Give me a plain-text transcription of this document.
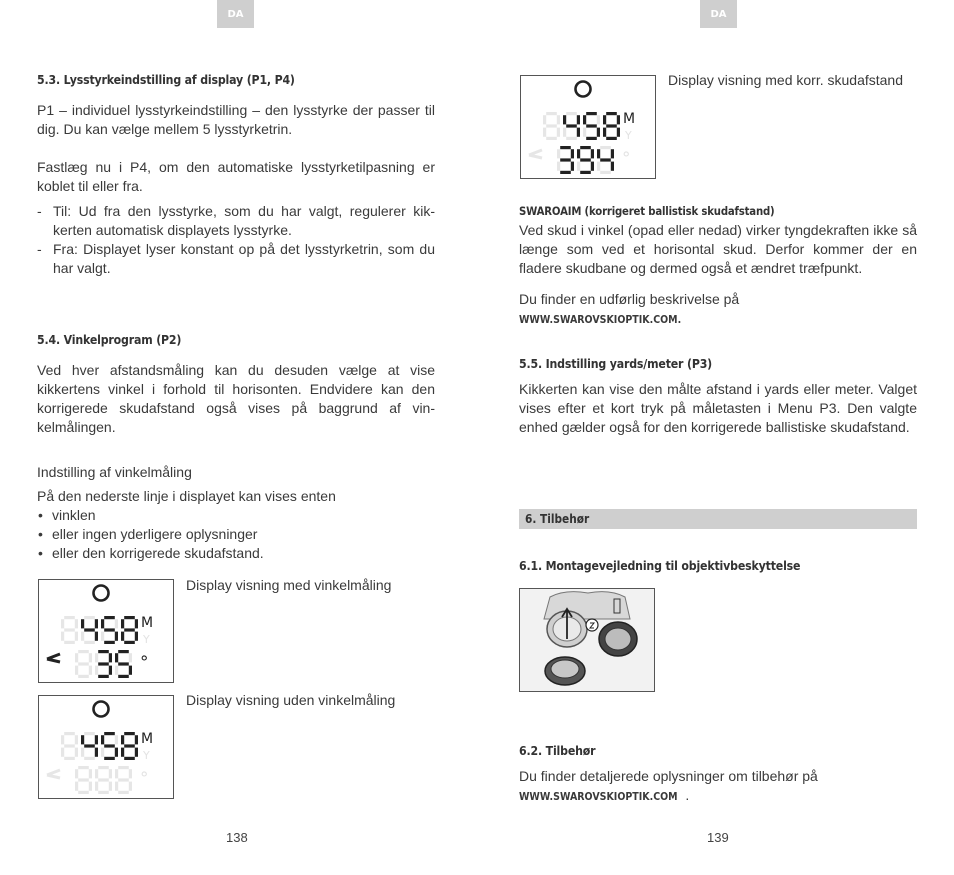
DA
5.3. Lysstyrkeindstilling af display (P1, P4)

P1 – individuel lysstyrkeindstilling – den lysstyrke der passer til dig. Du kan vælge mellem 5 lysstyrketrin.

Fastlæg nu i P4, om den automatiske lysstyrketilpasning er koblet til eller fra.

- Til: Ud fra den lysstyrke, som du har valgt, regulerer kik-kerten automatisk displayets lysstyrke.
- Fra: Displayet lyser konstant op på det lysstyrketrin, som du har valgt.
5.4. Vinkelprogram (P2)

Ved hver afstandsmåling kan du desuden vælge at vise kikkertens vinkel i forhold til horisonten. Endvidere kan den korrigerede skudafstand også vises på baggrund af vin-kelmålingen.

Indstilling af vinkelmåling

På den nederste linje i displayet kan vises enten

• vinklen
• eller ingen yderligere oplysninger
• eller den korrigerede skudafstand.
M
Y
°
Display visning med vinkelmåling
M
Y
°
Display visning uden vinkelmåling
138
DA
M
Y
°
Display visning med korr. skudafstand
SWAROAIM (korrigeret ballistisk skudafstand)

Ved skud i vinkel (opad eller nedad) virker tyngdekraften ikke så længe som ved et horisontal skud. Derfor kommer der en fladere skudbane og dermed også et ændret træfpunkt.

Du finder en udførlig beskrivelse på WWW.SWAROVSKIOPTIK.COM.

5.5. Indstilling yards/meter (P3)

Kikkerten kan vise den målte afstand i yards eller meter. Valget vises efter et kort tryk på måletasten i Menu P3. Den valgte enhed gælder også for den korrigerede ballistiske skudafstand.

6. Tilbehør
6.1. Montagevejledning til objektivbeskyttelse
6.2. Tilbehør

Du finder detaljerede oplysninger om tilbehør på

WWW.SWAROVSKIOPTIK.COM .

139
